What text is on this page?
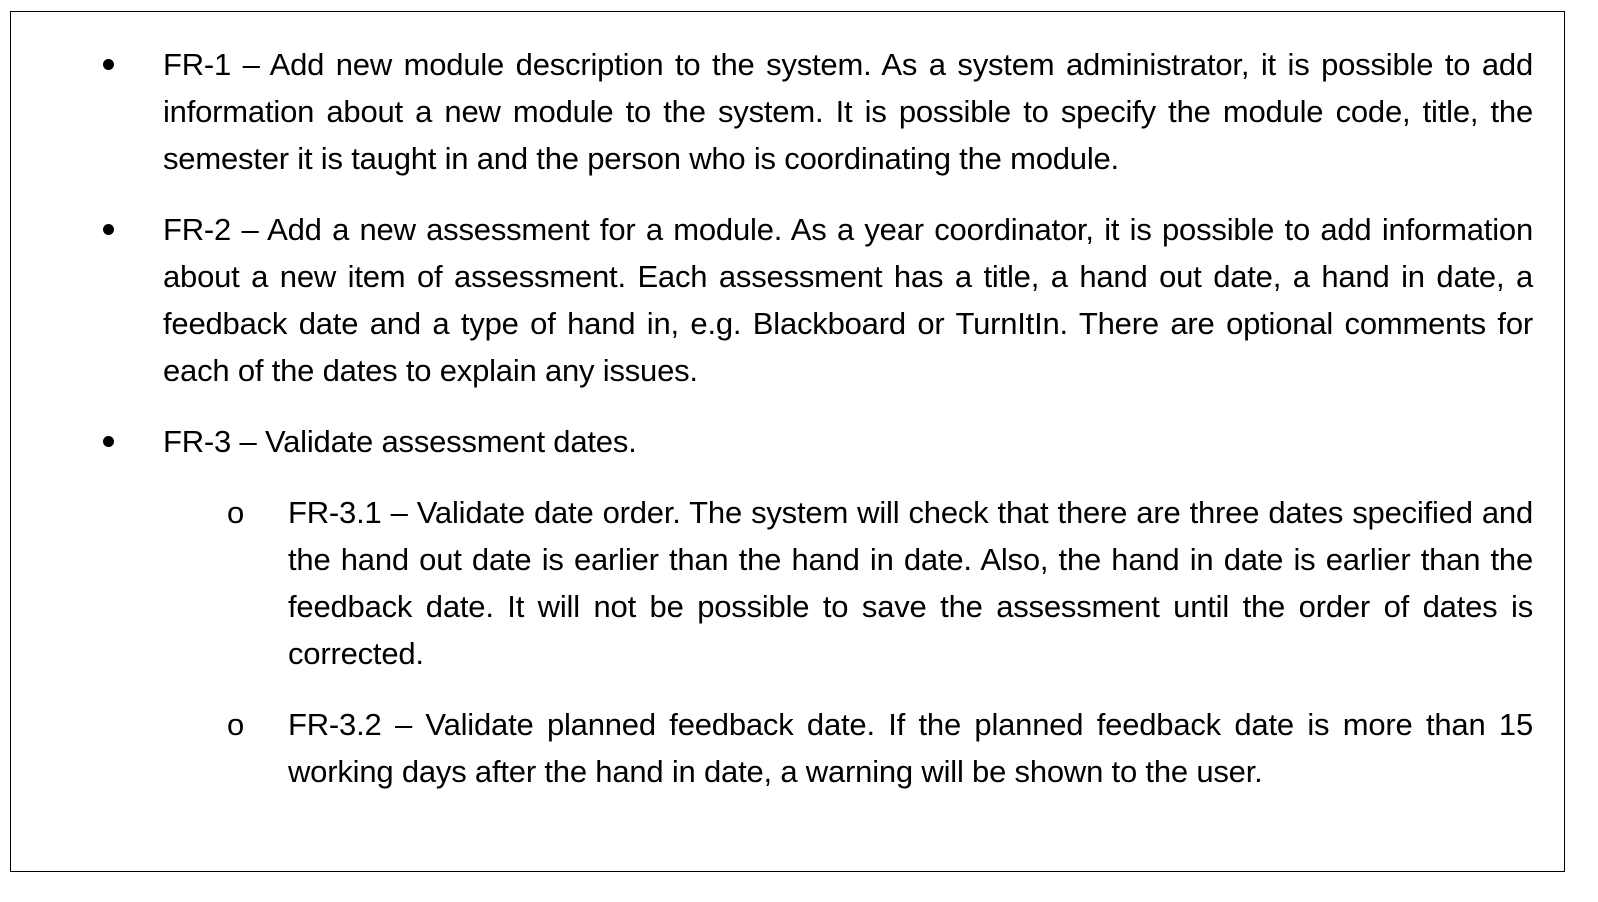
FR-1 – Add new module description to the system. As a system administrator, it is possible to add information about a new module to the system. It is possible to specify the module code, title, the semester it is taught in and the person who is coordinating the module.
FR-2 – Add a new assessment for a module. As a year coordinator, it is possible to add information about a new item of assessment. Each assessment has a title, a hand out date, a hand in date, a feedback date and a type of hand in, e.g. Blackboard or TurnItIn. There are optional comments for each of the dates to explain any issues.
FR-3 – Validate assessment dates.
o FR-3.1 – Validate date order. The system will check that there are three dates specified and the hand out date is earlier than the hand in date. Also, the hand in date is earlier than the feedback date. It will not be possible to save the assessment until the order of dates is corrected.
o FR-3.2 – Validate planned feedback date. If the planned feedback date is more than 15 working days after the hand in date, a warning will be shown to the user.
